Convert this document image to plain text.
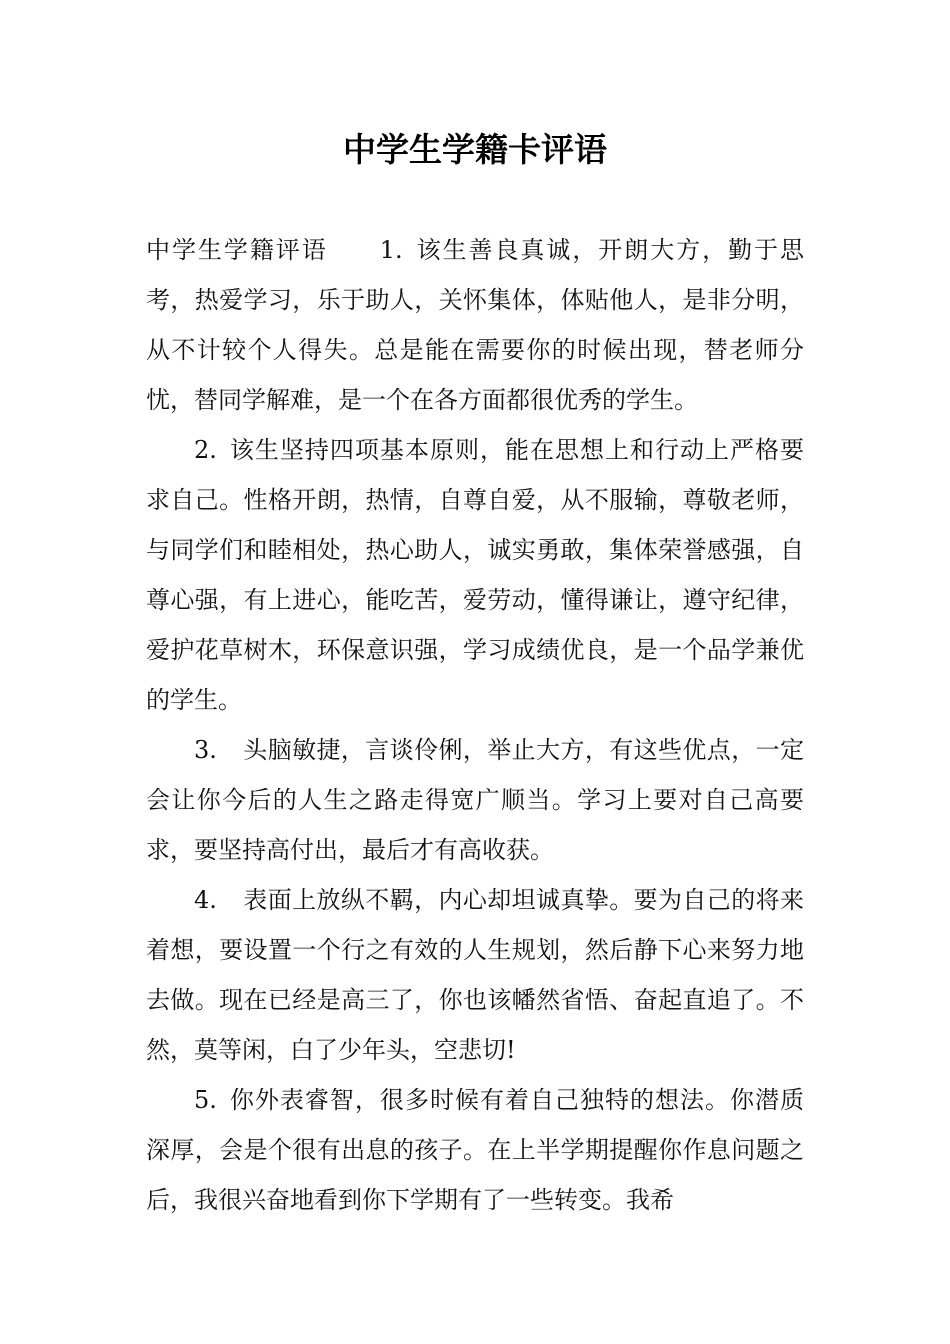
中学生学籍卡评语

中学生学籍评语 1. 该生善良真诚，开朗大方，勤于思考，热爱学习，乐于助人，关怀集体，体贴他人，是非分明，从不计较个人得失。总是能在需要你的时候出现，替老师分忧，替同学解难，是一个在各方面都很优秀的学生。

2. 该生坚持四项基本原则，能在思想上和行动上严格要求自己。性格开朗，热情，自尊自爱，从不服输，尊敬老师，与同学们和睦相处，热心助人，诚实勇敢，集体荣誉感强，自尊心强，有上进心，能吃苦，爱劳动，懂得谦让，遵守纪律，爱护花草树木，环保意识强，学习成绩优良，是一个品学兼优的学生。

3. 头脑敏捷，言谈伶俐，举止大方，有这些优点，一定会让你今后的人生之路走得宽广顺当。学习上要对自己高要求，要坚持高付出，最后才有高收获。

4. 表面上放纵不羁，内心却坦诚真挚。要为自己的将来着想，要设置一个行之有效的人生规划，然后静下心来努力地去做。现在已经是高三了，你也该幡然省悟、奋起直追了。不然，莫等闲，白了少年头，空悲切!

5. 你外表睿智，很多时候有着自己独特的想法。你潜质深厚，会是个很有出息的孩子。在上半学期提醒你作息问题之后，我很兴奋地看到你下学期有了一些转变。我希
